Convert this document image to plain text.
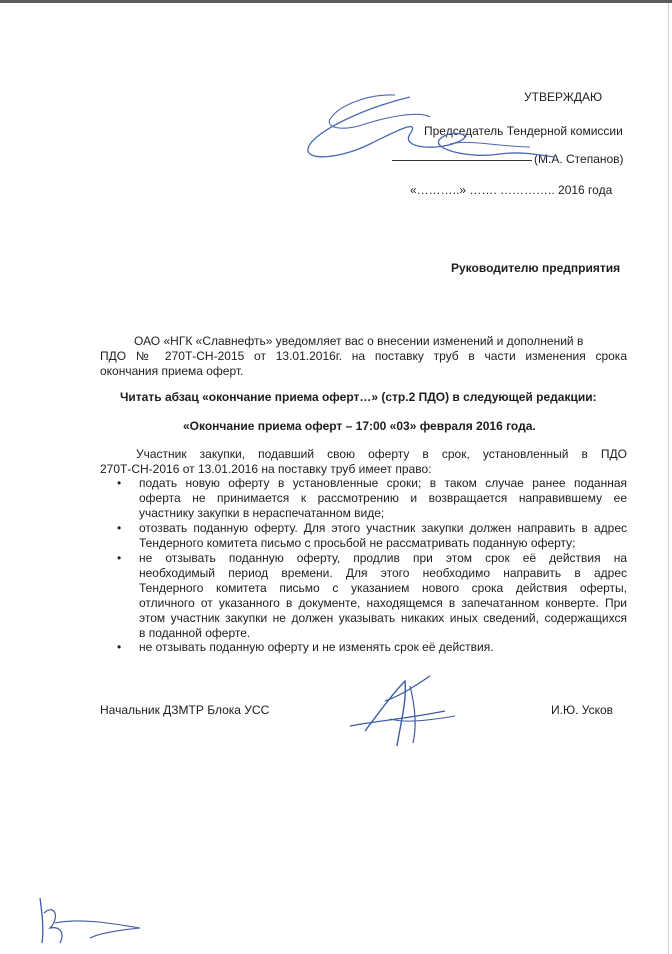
УТВЕРЖДАЮ
Председатель Тендерной комиссии
(М.А. Степанов)
«………..» ……. ………….. 2016 года
Руководителю предприятия
ОАО «НГК «Славнефть» уведомляет вас о внесении изменений и дополнений в
ПДО № 270Т-СН-2015 от 13.01.2016г. на поставку труб в части изменения срока
окончания приема оферт.
Читать абзац «окончание приема оферт…» (стр.2 ПДО) в следующей редакции:
«Окончание приема оферт – 17:00 «03» февраля 2016 года.
Участник закупки, подавший свою оферту в срок, установленный в ПДО
270Т-СН-2016 от 13.01.2016 на поставку труб имеет право:
• подать новую оферту в установленные сроки; в таком случае ранее поданная
оферта не принимается к рассмотрению и возвращается направившему ее
участнику закупки в нераспечатанном виде;
• отозвать поданную оферту. Для этого участник закупки должен направить в адрес
Тендерного комитета письмо с просьбой не рассматривать поданную оферту;
• не отзывать поданную оферту, продлив при этом срок её действия на
необходимый период времени. Для этого необходимо направить в адрес
Тендерного комитета письмо с указанием нового срока действия оферты,
отличного от указанного в документе, находящемся в запечатанном конверте. При
этом участник закупки не должен указывать никаких иных сведений, содержащихся
в поданной оферте.
• не отзывать поданную оферту и не изменять срок её действия.
Начальник ДЗМТР Блока УСС	И.Ю. Усков
